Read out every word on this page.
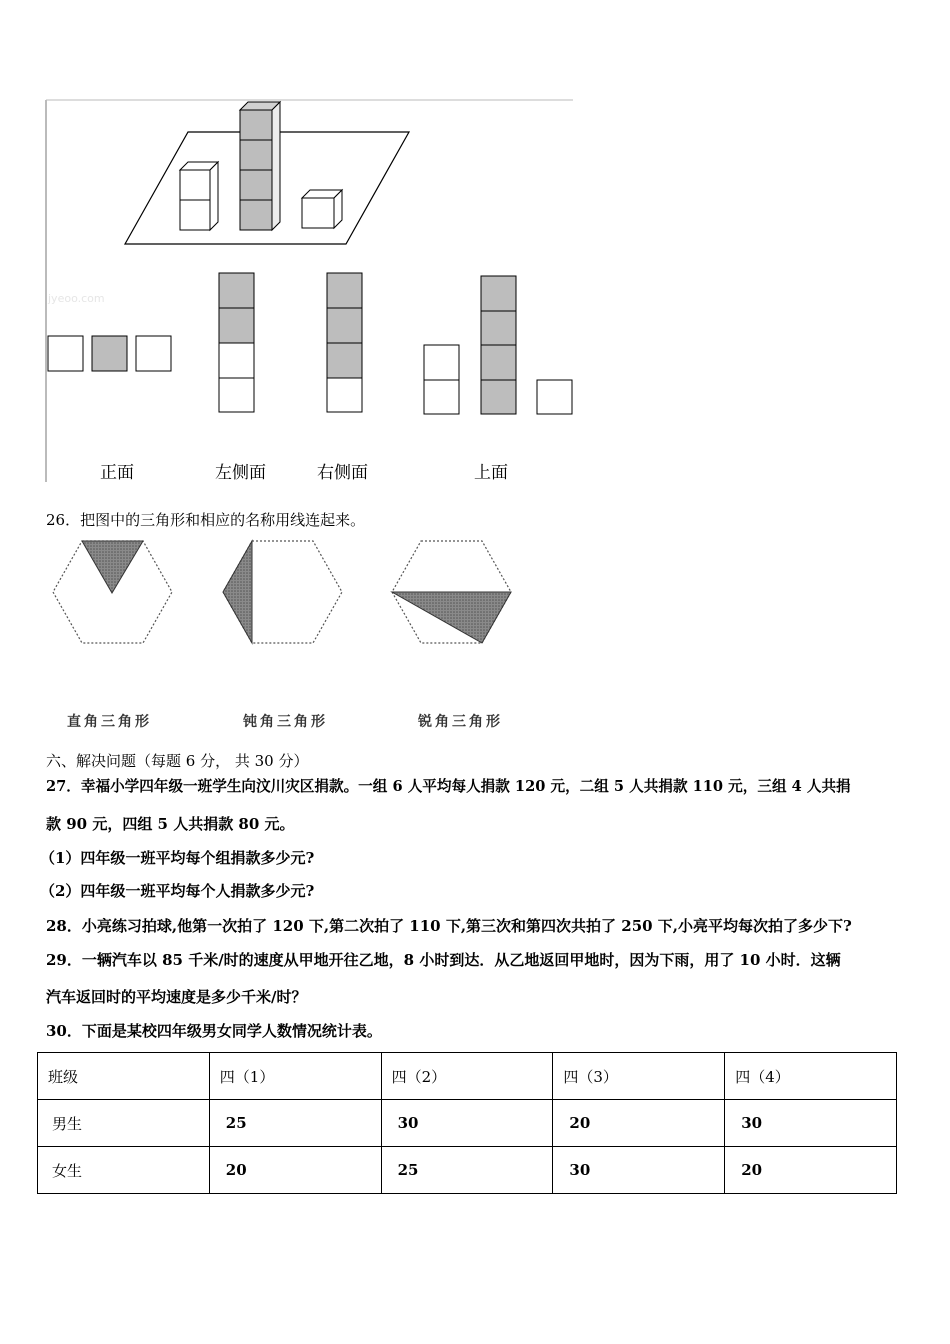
jyeoo.com
正面	左侧面	右侧面	上面
26．把图中的三角形和相应的名称用线连起来。
直角三角形	钝角三角形	锐角三角形
六、解决问题（每题 6 分， 共 30 分）
27．幸福小学四年级一班学生向汶川灾区捐款。一组 6 人平均每人捐款 120 元，二组 5 人共捐款 110 元，三组 4 人共捐
款 90 元，四组 5 人共捐款 80 元。
（1）四年级一班平均每个组捐款多少元?
（2）四年级一班平均每个人捐款多少元?
28．小亮练习拍球,他第一次拍了 120 下,第二次拍了 110 下,第三次和第四次共拍了 250 下,小亮平均每次拍了多少下?
29．一辆汽车以 85 千米/时的速度从甲地开往乙地，8 小时到达．从乙地返回甲地时，因为下雨，用了 10 小时．这辆
汽车返回时的平均速度是多少千米/时？
30．下面是某校四年级男女同学人数情况统计表。
班级	四（1）	四（2）	四（3）	四（4）
男生	25	30	20	30
女生	20	25	30	20
